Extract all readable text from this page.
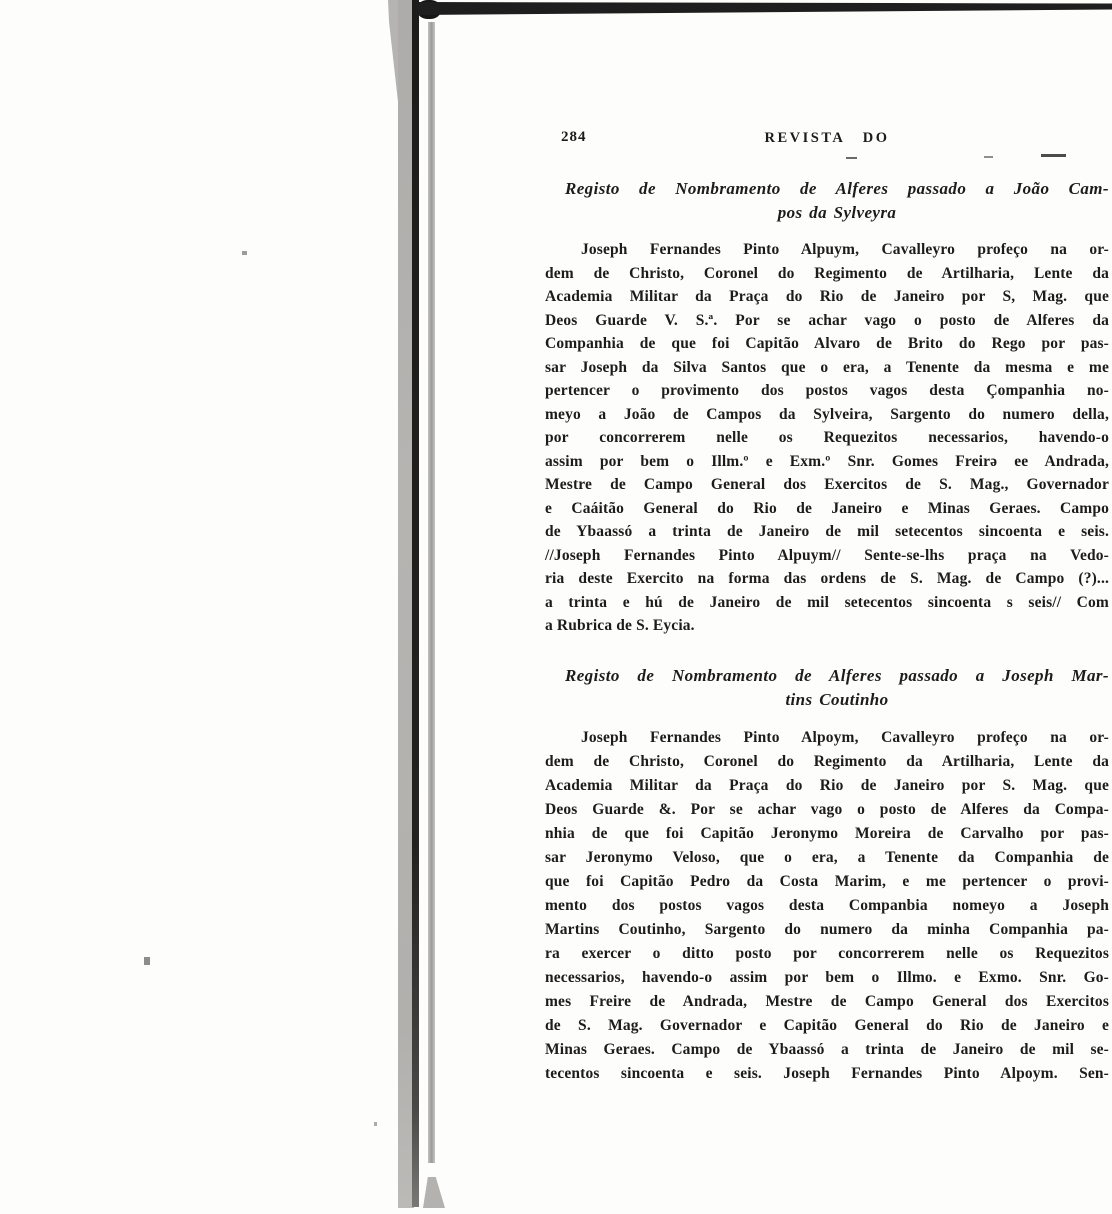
284	REVISTA DO
Registo de Nombramento de Alferes passado a João Cam-
pos da Sylveyra
Joseph Fernandes Pinto Alpuym, Cavalleyro profeço na or-
dem de Christo, Coronel do Regimento de Artilharia, Lente da
Academia Militar da Praça do Rio de Janeiro por S, Mag. que
Deos Guarde V. S.ª. Por se achar vago o posto de Alferes da
Companhia de que foi Capitão Alvaro de Brito do Rego por pas-
sar Joseph da Silva Santos que o era, a Tenente da mesma e me
pertencer o provimento dos postos vagos desta Çompanhia no-
meyo a João de Campos da Sylveira, Sargento do numero della,
por concorrerem nelle os Requezitos necessarios, havendo-o
assim por bem o Illm.º e Exm.º Snr. Gomes Freirə ee Andrada,
Mestre de Campo General dos Exercitos de S. Mag., Governador
e Caáitão General do Rio de Janeiro e Minas Geraes. Campo
de Ybaassó a trinta de Janeiro de mil setecentos sincoenta e seis.
//Joseph Fernandes Pinto Alpuym// Sente-se-lhs praça na Vedo-
ria deste Exercito na forma das ordens de S. Mag. de Campo (?)...
a trinta e hú de Janeiro de mil setecentos sincoenta s seis// Com
a Rubrica de S. Eycia.
Registo de Nombramento de Alferes passado a Joseph Mar-
tins Coutinho
Joseph Fernandes Pinto Alpoym, Cavalleyro profeço na or-
dem de Christo, Coronel do Regimento da Artilharia, Lente da
Academia Militar da Praça do Rio de Janeiro por S. Mag. que
Deos Guarde &. Por se achar vago o posto de Alferes da Compa-
nhia de que foi Capitão Jeronymo Moreira de Carvalho por pas-
sar Jeronymo Veloso, que o era, a Tenente da Companhia de
que foi Capitão Pedro da Costa Marim, e me pertencer o provi-
mento dos postos vagos desta Companbia nomeyo a Joseph
Martins Coutinho, Sargento do numero da minha Companhia pa-
ra exercer o ditto posto por concorrerem nelle os Requezitos
necessarios, havendo-o assim por bem o Illmo. e Exmo. Snr. Go-
mes Freire de Andrada, Mestre de Campo General dos Exercitos
de S. Mag. Governador e Capitão General do Rio de Janeiro e
Minas Geraes. Campo de Ybaassó a trinta de Janeiro de mil se-
tecentos sincoenta e seis. Joseph Fernandes Pinto Alpoym. Sen-
